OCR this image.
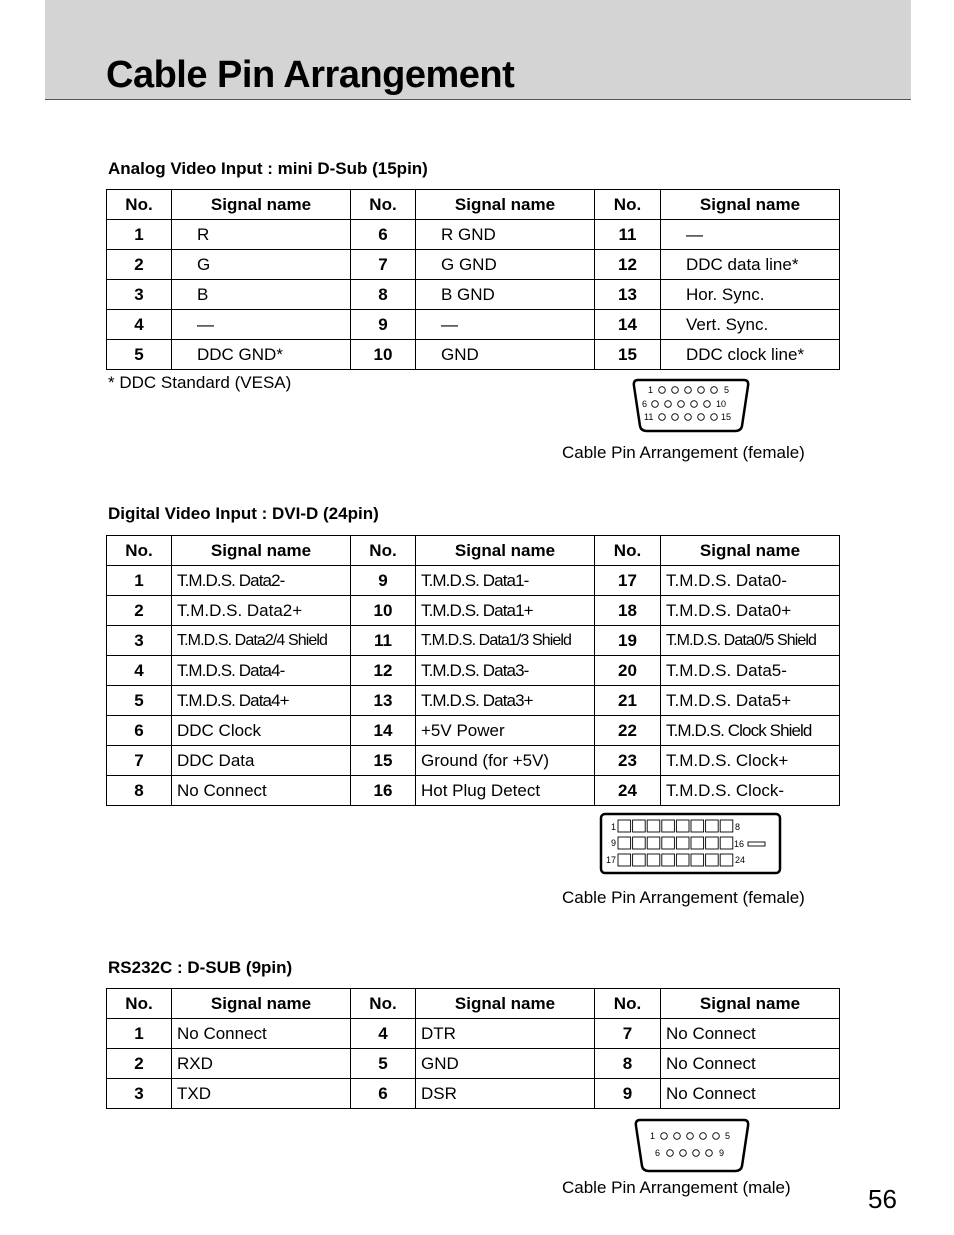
Cable Pin Arrangement
Analog Video Input : mini D-Sub (15pin)
No.	Signal name	No.	Signal name	No.	Signal name
1	R	6	R GND	11	—
2	G	7	G GND	12	DDC data line*
3	B	8	B GND	13	Hor. Sync.
4	—	9	—	14	Vert. Sync.
5	DDC GND*	10	GND	15	DDC clock line*
* DDC Standard (VESA)	1	5
6	10
11	15
Cable Pin Arrangement (female)
Digital Video Input : DVI-D (24pin)
No.	Signal name	No.	Signal name	No.	Signal name
1	T.M.D.S. Data2-	9	T.M.D.S. Data1-	17	T.M.D.S. Data0-
2	T.M.D.S. Data2+	10	T.M.D.S. Data1+	18	T.M.D.S. Data0+
3	T.M.D.S. Data2/4 Shield	11	T.M.D.S. Data1/3 Shield	19	T.M.D.S. Data0/5 Shield
4	T.M.D.S. Data4-	12	T.M.D.S. Data3-	20	T.M.D.S. Data5-
5	T.M.D.S. Data4+	13	T.M.D.S. Data3+	21	T.M.D.S. Data5+
6	DDC Clock	14	+5V Power	22	T.M.D.S. Clock Shield
7	DDC Data	15	Ground (for +5V)	23	T.M.D.S. Clock+
8	No Connect	16	Hot Plug Detect	24	T.M.D.S. Clock-
1	8
9	16
17	24
Cable Pin Arrangement (female)
RS232C : D-SUB (9pin)
No.	Signal name	No.	Signal name	No.	Signal name
1	No Connect	4	DTR	7	No Connect
2	RXD	5	GND	8	No Connect
3	TXD	6	DSR	9	No Connect
1	5
6	9
Cable Pin Arrangement (male)	56
